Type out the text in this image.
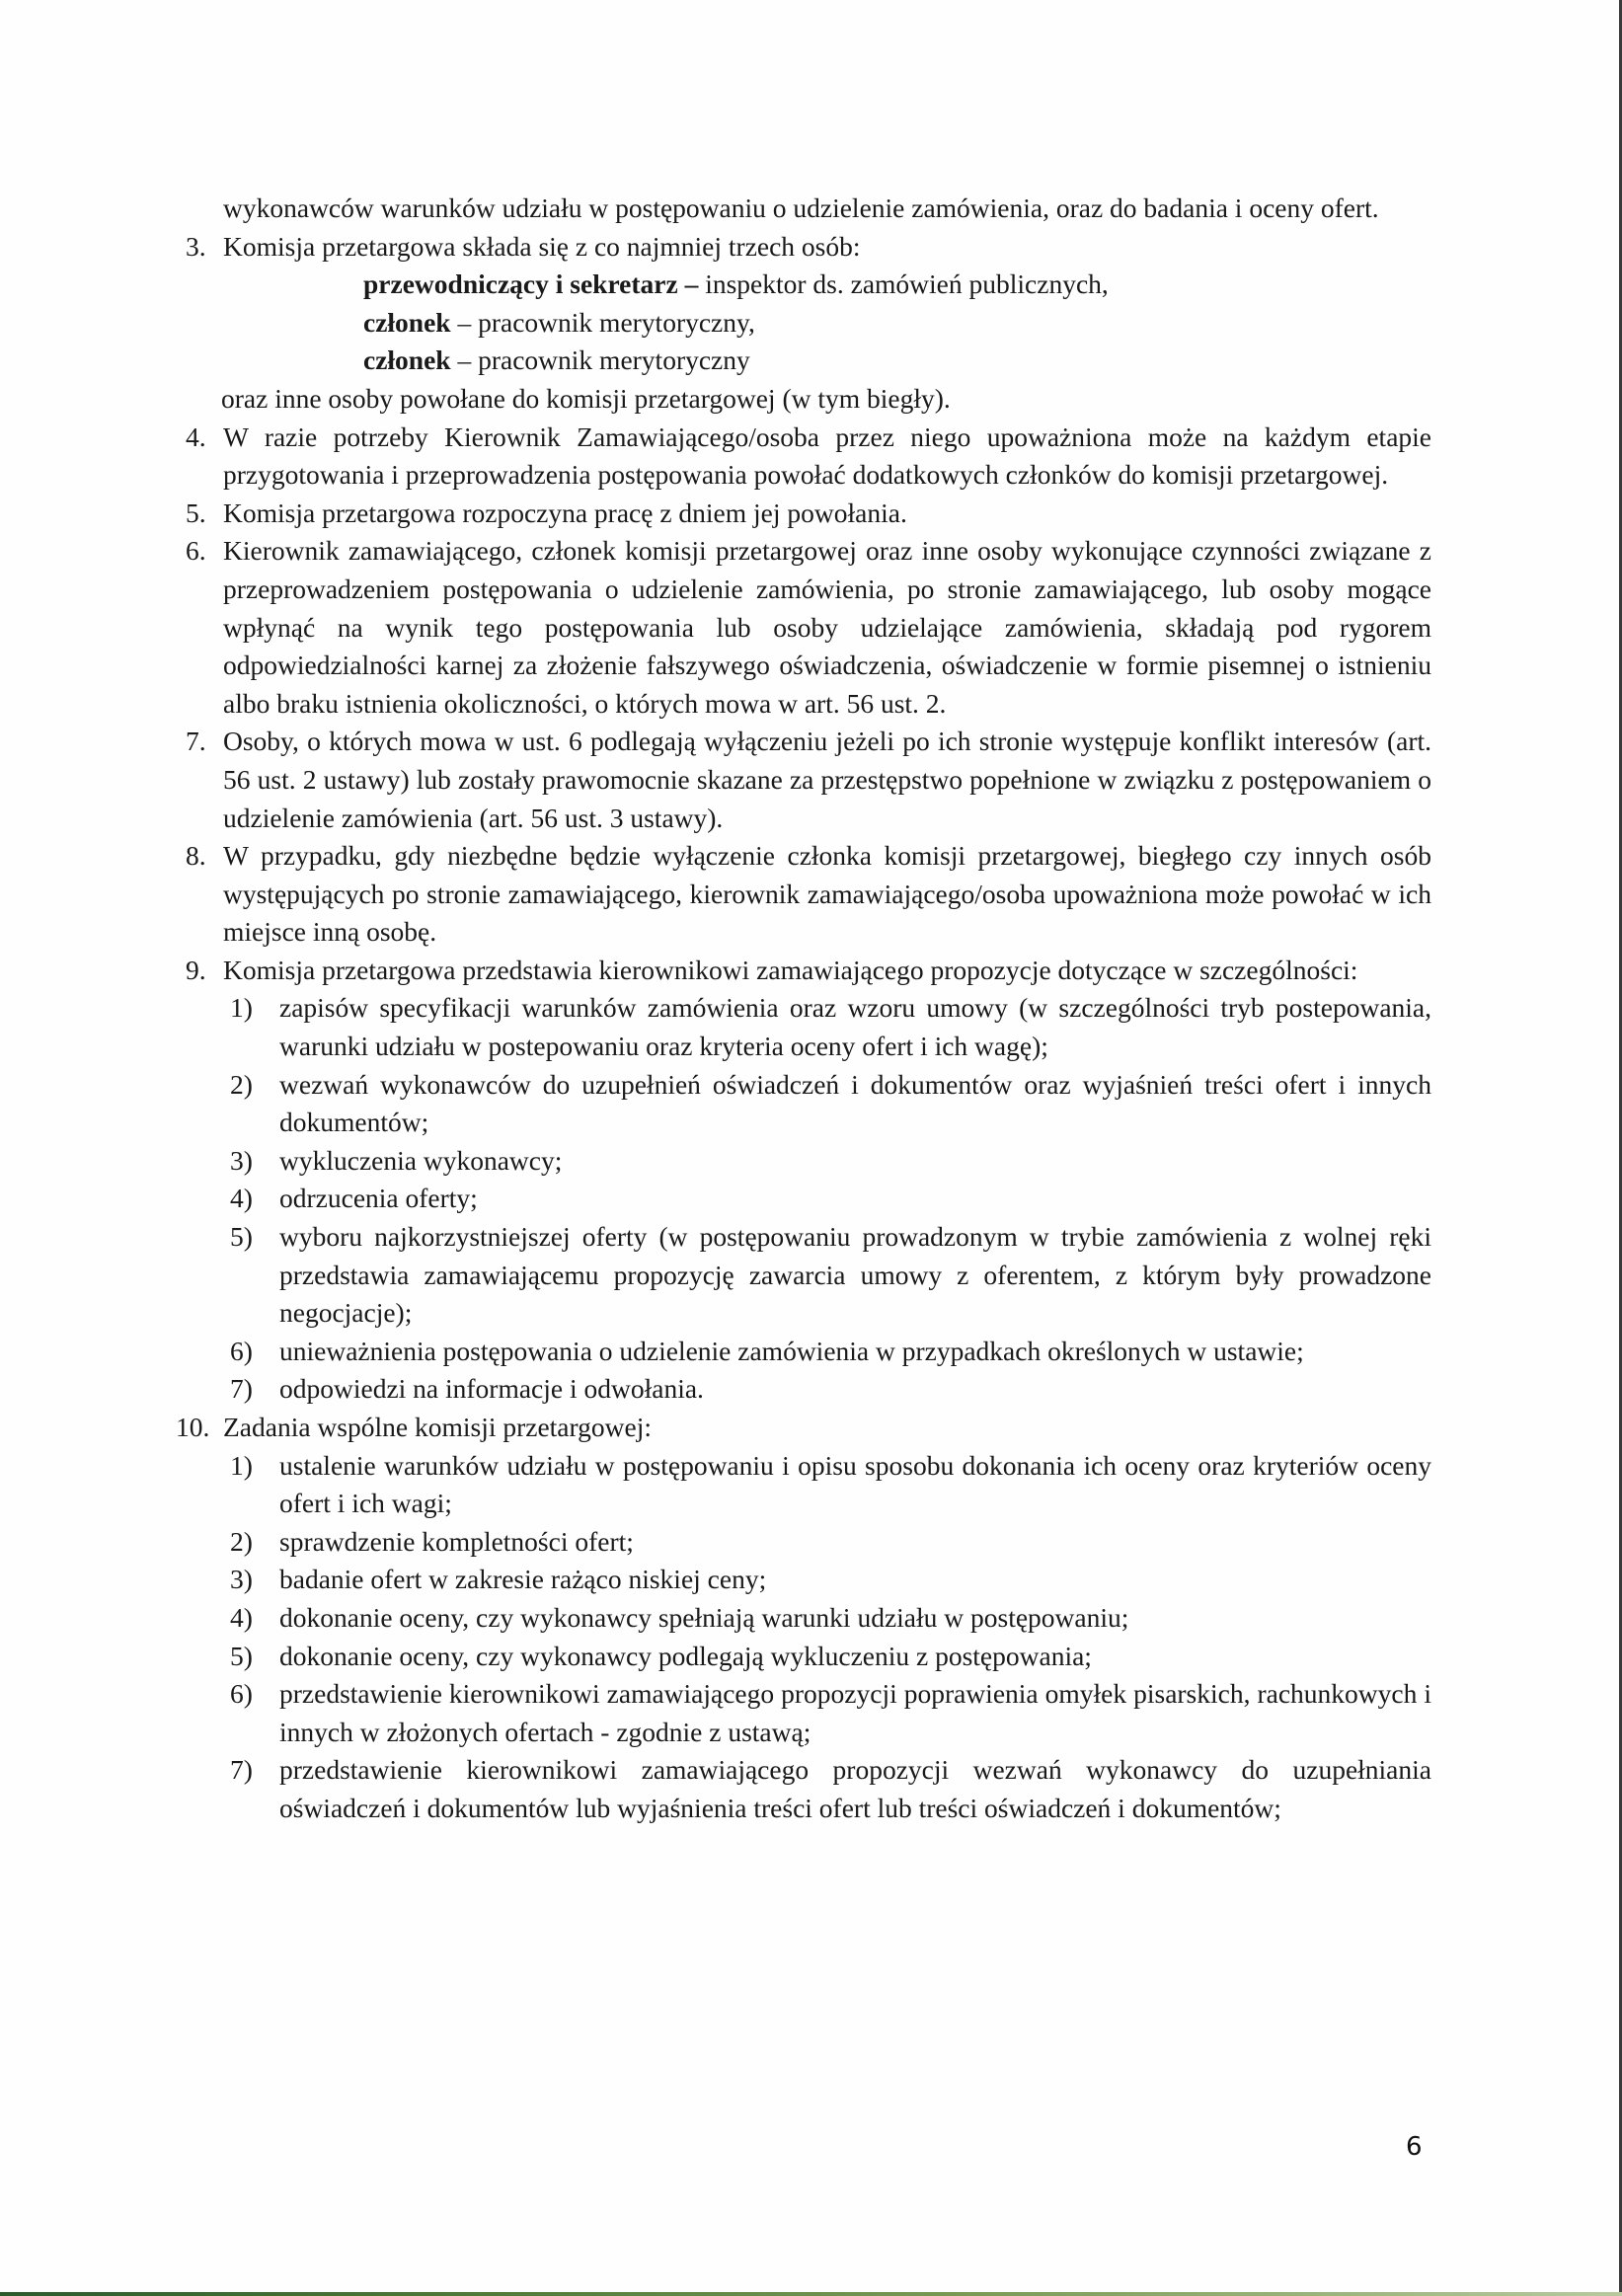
wykonawców warunków udziału w postępowaniu o udzielenie zamówienia, oraz do badania i oceny ofert.
3. Komisja przetargowa składa się z co najmniej trzech osób:
przewodniczący i sekretarz – inspektor ds. zamówień publicznych,
członek – pracownik merytoryczny,
członek – pracownik merytoryczny
oraz inne osoby powołane do komisji przetargowej (w tym biegły).
4. W razie potrzeby Kierownik Zamawiającego/osoba przez niego upoważniona może na każdym etapie przygotowania i przeprowadzenia postępowania powołać dodatkowych członków do komisji przetargowej.
5. Komisja przetargowa rozpoczyna pracę z dniem jej powołania.
6. Kierownik zamawiającego, członek komisji przetargowej oraz inne osoby wykonujące czynności związane z przeprowadzeniem postępowania o udzielenie zamówienia, po stronie zamawiającego, lub osoby mogące wpłynąć na wynik tego postępowania lub osoby udzielające zamówienia, składają pod rygorem odpowiedzialności karnej za złożenie fałszywego oświadczenia, oświadczenie w formie pisemnej o istnieniu albo braku istnienia okoliczności, o których mowa w art. 56 ust. 2.
7. Osoby, o których mowa w ust. 6 podlegają wyłączeniu jeżeli po ich stronie występuje konflikt interesów (art. 56 ust. 2 ustawy) lub zostały prawomocnie skazane za przestępstwo popełnione w związku z postępowaniem o udzielenie zamówienia (art. 56 ust. 3 ustawy).
8. W przypadku, gdy niezbędne będzie wyłączenie członka komisji przetargowej, biegłego czy innych osób występujących po stronie zamawiającego, kierownik zamawiającego/osoba upoważniona może powołać w ich miejsce inną osobę.
9. Komisja przetargowa przedstawia kierownikowi zamawiającego propozycje dotyczące w szczególności:
1) zapisów specyfikacji warunków zamówienia oraz wzoru umowy (w szczególności tryb postepowania, warunki udziału w postepowaniu oraz kryteria oceny ofert i ich wagę);
2) wezwań wykonawców do uzupełnień oświadczeń i dokumentów oraz wyjaśnień treści ofert i innych dokumentów;
3) wykluczenia wykonawcy;
4) odrzucenia oferty;
5) wyboru najkorzystniejszej oferty (w postępowaniu prowadzonym w trybie zamówienia z wolnej ręki przedstawia zamawiającemu propozycję zawarcia umowy z oferentem, z którym były prowadzone negocjacje);
6) unieważnienia postępowania o udzielenie zamówienia w przypadkach określonych w ustawie;
7) odpowiedzi na informacje i odwołania.
10. Zadania wspólne komisji przetargowej:
1) ustalenie warunków udziału w postępowaniu i opisu sposobu dokonania ich oceny oraz kryteriów oceny ofert i ich wagi;
2) sprawdzenie kompletności ofert;
3) badanie ofert w zakresie rażąco niskiej ceny;
4) dokonanie oceny, czy wykonawcy spełniają warunki udziału w postępowaniu;
5) dokonanie oceny, czy wykonawcy podlegają wykluczeniu z postępowania;
6) przedstawienie kierownikowi zamawiającego propozycji poprawienia omyłek pisarskich, rachunkowych i innych w złożonych ofertach - zgodnie z ustawą;
7) przedstawienie kierownikowi zamawiającego propozycji wezwań wykonawcy do uzupełniania oświadczeń i dokumentów lub wyjaśnienia treści ofert lub treści oświadczeń i dokumentów;
6
